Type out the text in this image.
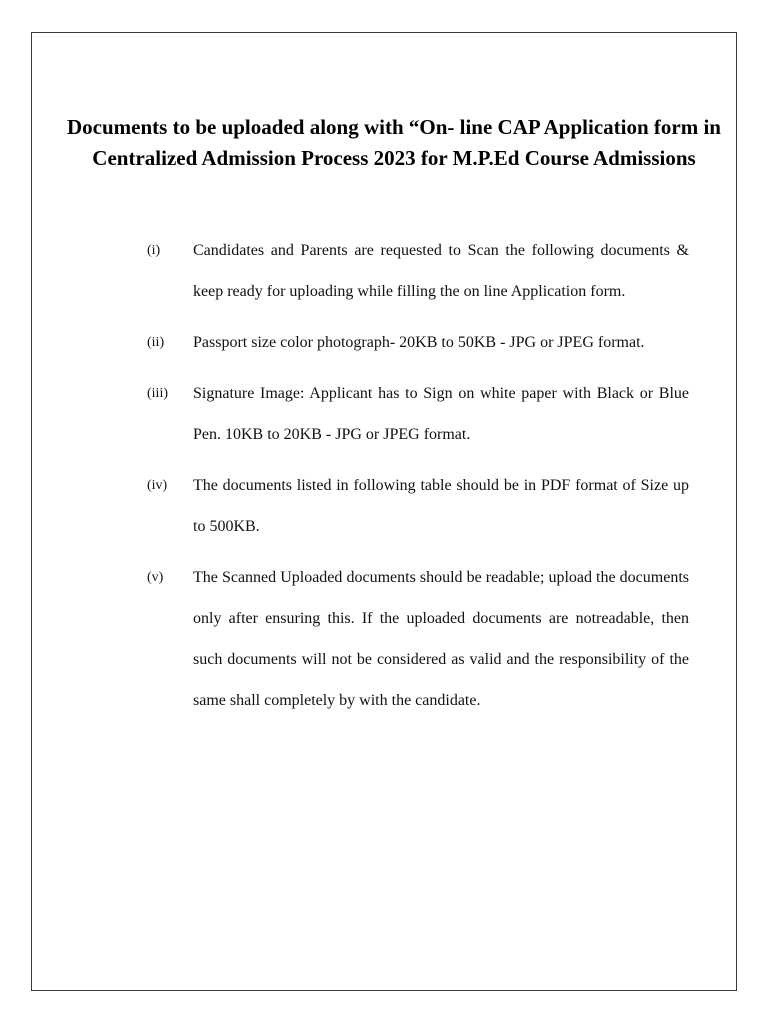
Documents to be uploaded along with “On- line CAP Application form in Centralized Admission Process 2023 for M.P.Ed Course Admissions
(i) Candidates and Parents are requested to Scan the following documents & keep ready for uploading while filling the on line Application form.
(ii) Passport size color photograph- 20KB to 50KB - JPG or JPEG format.
(iii) Signature Image: Applicant has to Sign on white paper with Black or Blue Pen. 10KB to 20KB - JPG or JPEG format.
(iv) The documents listed in following table should be in PDF format of Size up to 500KB.
(v) The Scanned Uploaded documents should be readable; upload the documents only after ensuring this. If the uploaded documents are notreadable, then such documents will not be considered as valid and the responsibility of the same shall completely by with the candidate.
